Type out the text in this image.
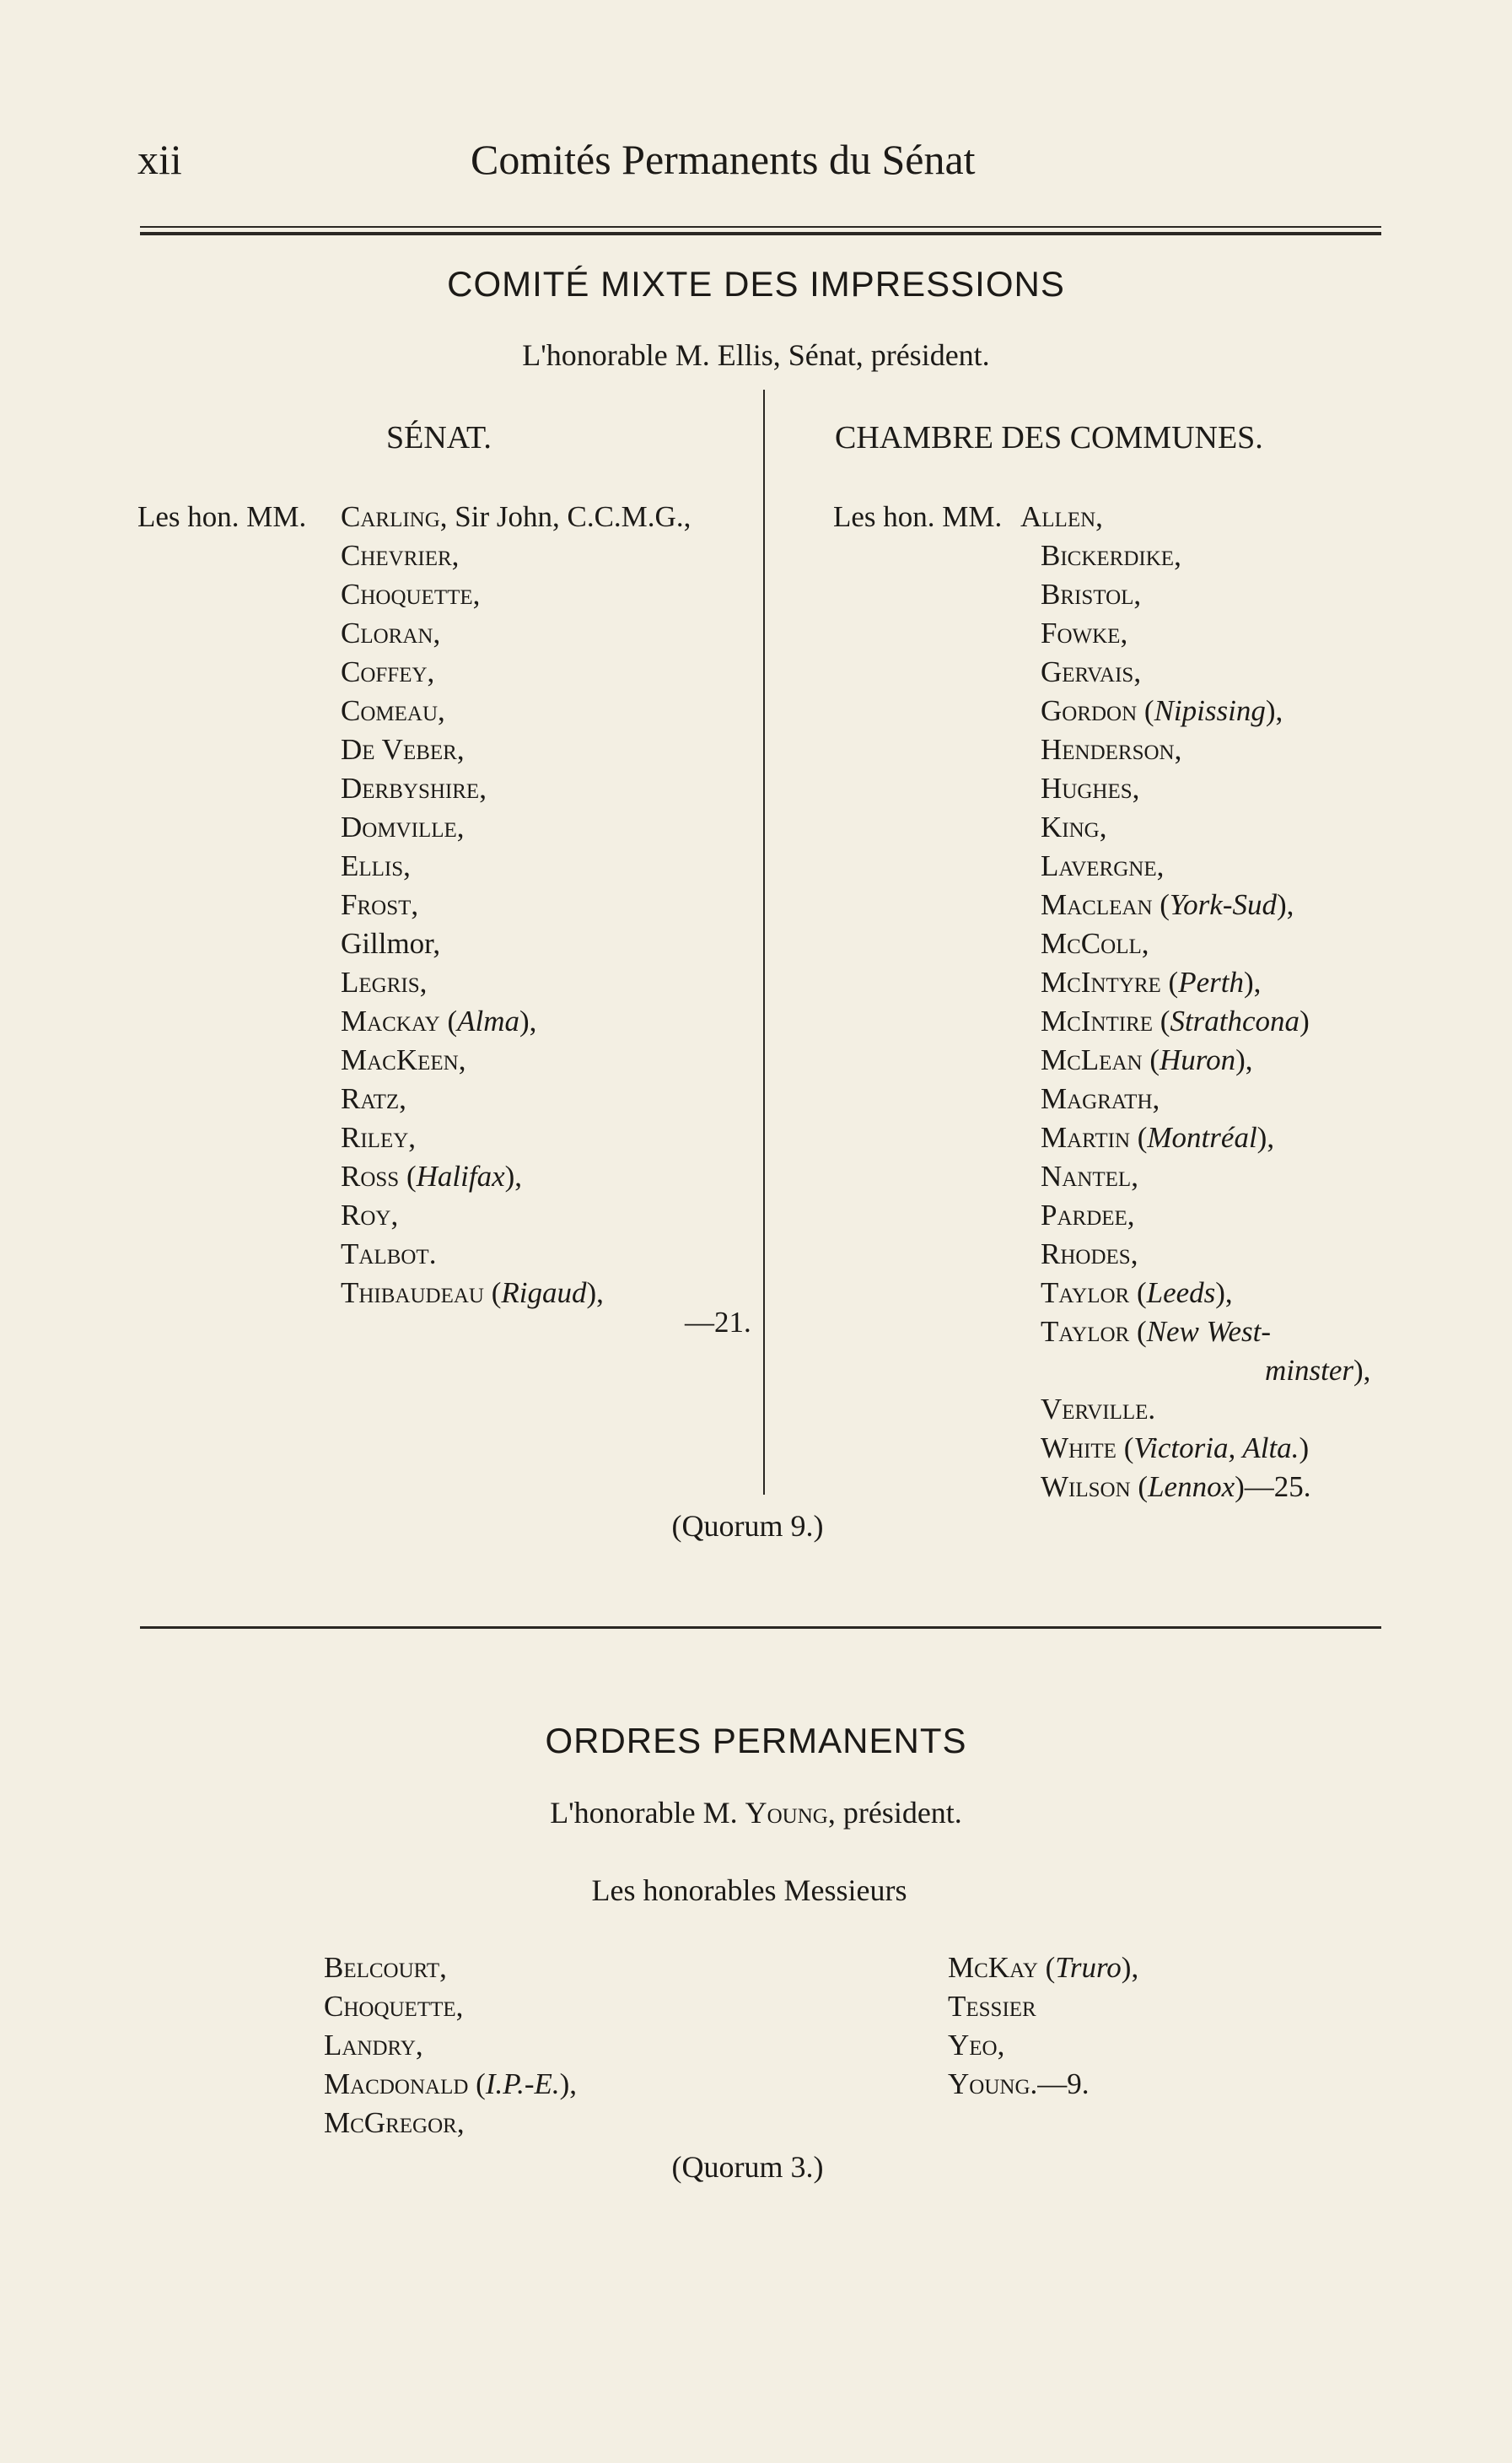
xii	Comités Permanents du Sénat
COMITÉ MIXTE DES IMPRESSIONS
L'honorable M. Ellis, Sénat, président.
SÉNAT.	CHAMBRE DES COMMUNES.
Les hon. MM. Carling, Sir John, C.C.M.G.,
Chevrier,
Choquette,
Cloran,
Coffey,
Comeau,
De Veber,
Derbyshire,
Domville,
Ellis,
Frost,
Gillmor,
Legris,
Mackay (Alma),
MacKeen,
Ratz,
Riley,
Ross (Halifax),
Roy,
Talbot.
Thibaudeau (Rigaud),
—21.
Les hon. MM. Allen,
Bickerdike,
Bristol,
Fowke,
Gervais,
Gordon (Nipissing),
Henderson,
Hughes,
King,
Lavergne,
Maclean (York-Sud),
McColl,
McIntyre (Perth),
McIntire (Strathcona)
McLean (Huron),
Magrath,
Martin (Montréal),
Nantel,
Pardee,
Rhodes,
Taylor (Leeds),
Taylor (New West-
minster),
Verville.
White (Victoria, Alta.)
Wilson (Lennox)—25.
(Quorum 9.)
ORDRES PERMANENTS
L'honorable M. Young, président.
Les honorables Messieurs
Belcourt,
Choquette,
Landry,
Macdonald (I.P.-E.),
McGregor,
McKay (Truro),
Tessier
Yeo,
Young.—9.
(Quorum 3.)
